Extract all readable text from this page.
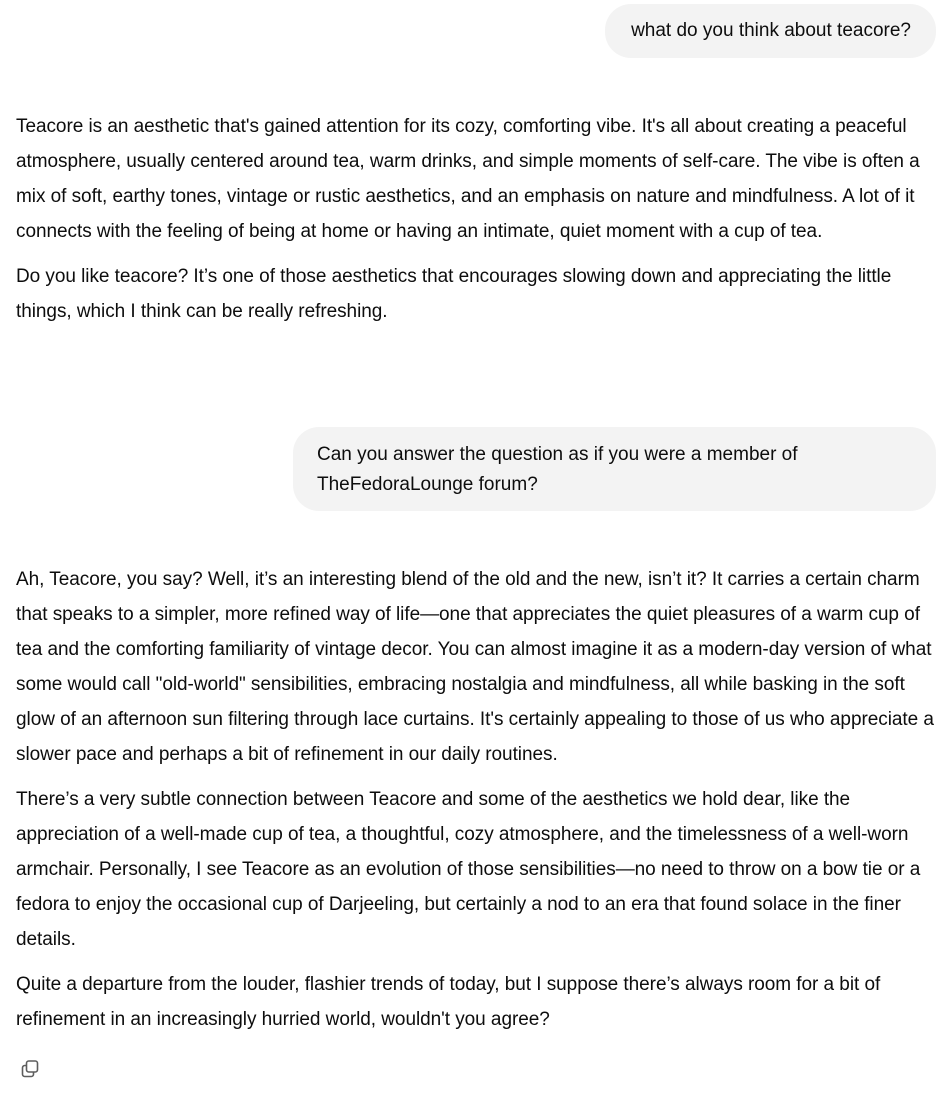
what do you think about teacore?

Teacore is an aesthetic that's gained attention for its cozy, comforting vibe. It's all about creating a peaceful atmosphere, usually centered around tea, warm drinks, and simple moments of self-care. The vibe is often a mix of soft, earthy tones, vintage or rustic aesthetics, and an emphasis on nature and mindfulness. A lot of it connects with the feeling of being at home or having an intimate, quiet moment with a cup of tea.

Do you like teacore? It’s one of those aesthetics that encourages slowing down and appreciating the little things, which I think can be really refreshing.

Can you answer the question as if you were a member of TheFedoraLounge forum?

Ah, Teacore, you say? Well, it’s an interesting blend of the old and the new, isn’t it? It carries a certain charm that speaks to a simpler, more refined way of life—one that appreciates the quiet pleasures of a warm cup of tea and the comforting familiarity of vintage decor. You can almost imagine it as a modern-day version of what some would call "old-world" sensibilities, embracing nostalgia and mindfulness, all while basking in the soft glow of an afternoon sun filtering through lace curtains. It's certainly appealing to those of us who appreciate a slower pace and perhaps a bit of refinement in our daily routines.

There’s a very subtle connection between Teacore and some of the aesthetics we hold dear, like the appreciation of a well-made cup of tea, a thoughtful, cozy atmosphere, and the timelessness of a well-worn armchair. Personally, I see Teacore as an evolution of those sensibilities—no need to throw on a bow tie or a fedora to enjoy the occasional cup of Darjeeling, but certainly a nod to an era that found solace in the finer details.

Quite a departure from the louder, flashier trends of today, but I suppose there’s always room for a bit of refinement in an increasingly hurried world, wouldn't you agree?
